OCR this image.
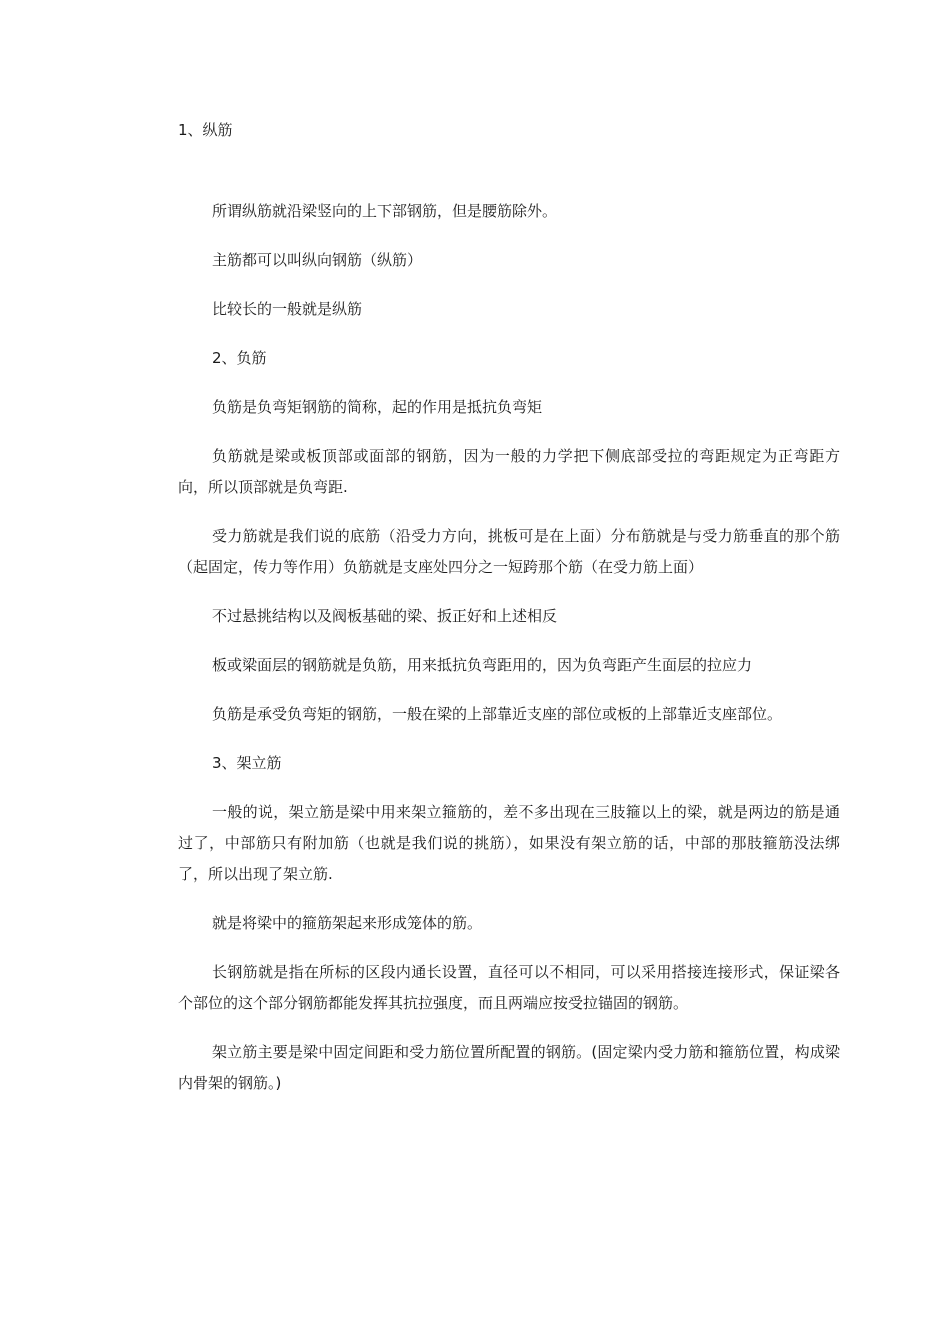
1、纵筋

所谓纵筋就沿梁竖向的上下部钢筋，但是腰筋除外。

主筋都可以叫纵向钢筋（纵筋）

比较长的一般就是纵筋

2、负筋

负筋是负弯矩钢筋的简称，起的作用是抵抗负弯矩

负筋就是梁或板顶部或面部的钢筋，因为一般的力学把下侧底部受拉的弯距规定为正弯距方向，所以顶部就是负弯距.

受力筋就是我们说的底筋（沿受力方向，挑板可是在上面）分布筋就是与受力筋垂直的那个筋（起固定，传力等作用）负筋就是支座处四分之一短跨那个筋（在受力筋上面）

不过悬挑结构以及阀板基础的梁、扳正好和上述相反

板或梁面层的钢筋就是负筋，用来抵抗负弯距用的，因为负弯距产生面层的拉应力

负筋是承受负弯矩的钢筋，一般在梁的上部靠近支座的部位或板的上部靠近支座部位。

3、架立筋

一般的说，架立筋是梁中用来架立箍筋的，差不多出现在三肢箍以上的梁，就是两边的筋是通过了，中部筋只有附加筋（也就是我们说的挑筋），如果没有架立筋的话，中部的那肢箍筋没法绑了，所以出现了架立筋.

就是将梁中的箍筋架起来形成笼体的筋。

长钢筋就是指在所标的区段内通长设置，直径可以不相同，可以采用搭接连接形式，保证梁各个部位的这个部分钢筋都能发挥其抗拉强度，而且两端应按受拉锚固的钢筋。

架立筋主要是梁中固定间距和受力筋位置所配置的钢筋。(固定梁内受力筋和箍筋位置，构成梁内骨架的钢筋。)
